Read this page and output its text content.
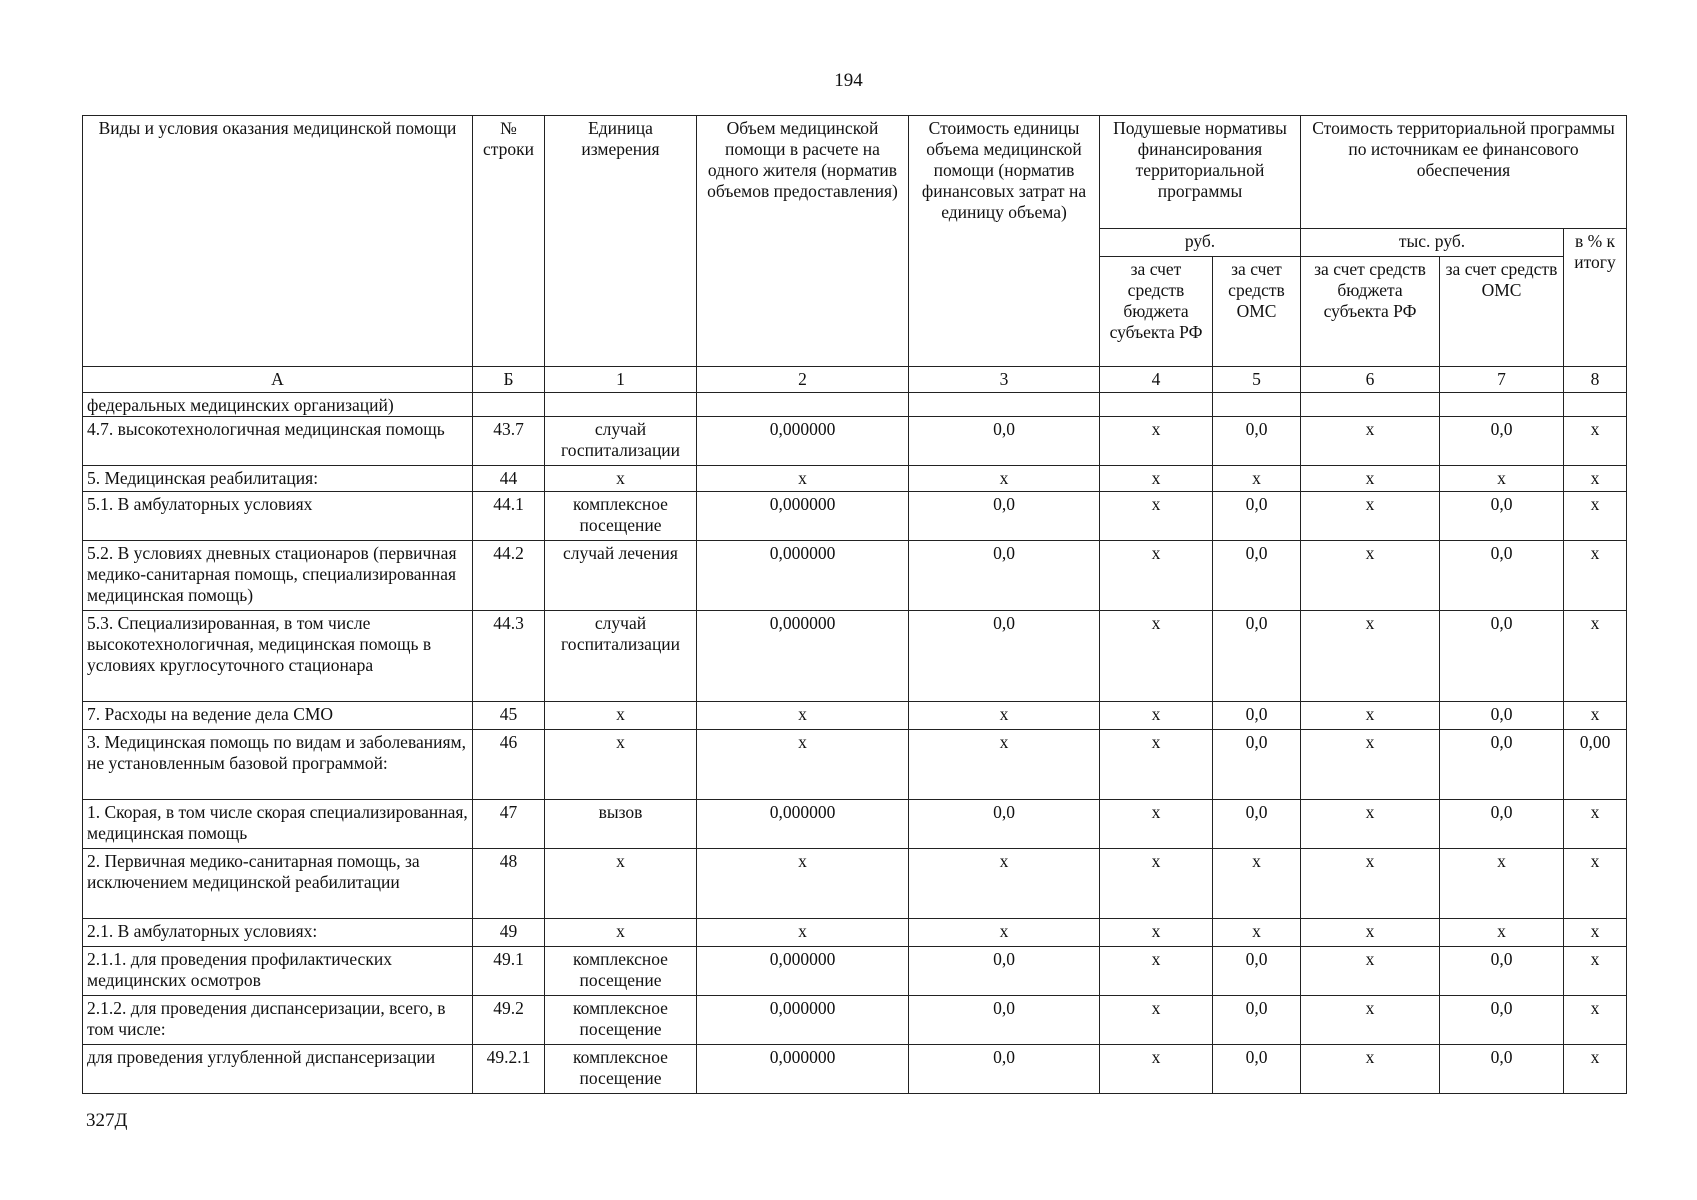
194
Виды и условия оказания медицинской помощи	№ строки	Единица измерения	Объем медицинской помощи в расчете на одного жителя (норматив объемов предоставления)	Стоимость единицы объема медицинской помощи (норматив финансовых затрат на единицу объема)	Подушевые нормативы финансирования территориальной программы		Стоимость территориальной программы по источникам ее финансового обеспечения		
					руб.		тыс. руб.		в % к итогу
					за счет средств бюджета субъекта РФ	за счет средств ОМС	за счет средств бюджета субъекта РФ	за счет средств ОМС	
А	Б	1	2	3	4	5	6	7	8
федеральных медицинских организаций)									
4.7. высокотехнологичная медицинская помощь	43.7	случай госпитализации	0,000000	0,0	х	0,0	х	0,0	х
5. Медицинская реабилитация:	44	х	х	х	х	х	х	х	х
5.1. В амбулаторных условиях	44.1	комплексное посещение	0,000000	0,0	х	0,0	х	0,0	х
5.2. В условиях дневных стационаров (первичная медико-санитарная помощь, специализированная медицинская помощь)	44.2	случай лечения	0,000000	0,0	х	0,0	х	0,0	х
5.3. Специализированная, в том числе высокотехнологичная, медицинская помощь в условиях круглосуточного стационара	44.3	случай госпитализации	0,000000	0,0	х	0,0	х	0,0	х
7. Расходы на ведение дела СМО	45	х	х	х	х	0,0	х	0,0	х
3. Медицинская помощь по видам и заболеваниям, не установленным базовой программой:	46	х	х	х	х	0,0	х	0,0	0,00
1. Скорая, в том числе скорая специализированная, медицинская помощь	47	вызов	0,000000	0,0	х	0,0	х	0,0	х
2. Первичная медико-санитарная помощь, за исключением медицинской реабилитации	48	х	х	х	х	х	х	х	х
2.1. В амбулаторных условиях:	49	х	х	х	х	х	х	х	х
2.1.1. для проведения профилактических медицинских осмотров	49.1	комплексное посещение	0,000000	0,0	х	0,0	х	0,0	х
2.1.2. для проведения диспансеризации, всего, в том числе:	49.2	комплексное посещение	0,000000	0,0	х	0,0	х	0,0	х
для проведения углубленной диспансеризации	49.2.1	комплексное посещение	0,000000	0,0	х	0,0	х	0,0	х
327Д
